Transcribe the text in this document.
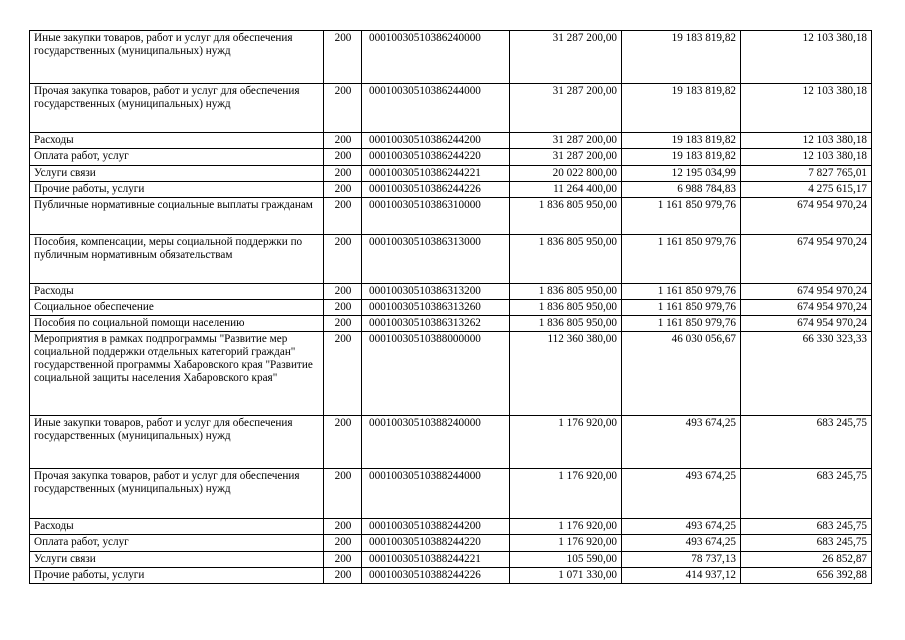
Иные закупки товаров, работ и услуг для обеспечения государственных (муниципальных) нужд	200	00010030510386240000	31 287 200,00	19 183 819,82	12 103 380,18
Прочая закупка товаров, работ и услуг для обеспечения государственных (муниципальных) нужд	200	00010030510386244000	31 287 200,00	19 183 819,82	12 103 380,18
Расходы	200	00010030510386244200	31 287 200,00	19 183 819,82	12 103 380,18
Оплата работ, услуг	200	00010030510386244220	31 287 200,00	19 183 819,82	12 103 380,18
Услуги связи	200	00010030510386244221	20 022 800,00	12 195 034,99	7 827 765,01
Прочие работы, услуги	200	00010030510386244226	11 264 400,00	6 988 784,83	4 275 615,17
Публичные нормативные социальные выплаты гражданам	200	00010030510386310000	1 836 805 950,00	1 161 850 979,76	674 954 970,24
Пособия, компенсации, меры социальной поддержки по публичным нормативным обязательствам	200	00010030510386313000	1 836 805 950,00	1 161 850 979,76	674 954 970,24
Расходы	200	00010030510386313200	1 836 805 950,00	1 161 850 979,76	674 954 970,24
Социальное обеспечение	200	00010030510386313260	1 836 805 950,00	1 161 850 979,76	674 954 970,24
Пособия по социальной помощи населению	200	00010030510386313262	1 836 805 950,00	1 161 850 979,76	674 954 970,24
Мероприятия в рамках подпрограммы "Развитие мер социальной поддержки отдельных категорий граждан" государственной программы Хабаровского края "Развитие социальной защиты населения Хабаровского края"	200	00010030510388000000	112 360 380,00	46 030 056,67	66 330 323,33
Иные закупки товаров, работ и услуг для обеспечения государственных (муниципальных) нужд	200	00010030510388240000	1 176 920,00	493 674,25	683 245,75
Прочая закупка товаров, работ и услуг для обеспечения государственных (муниципальных) нужд	200	00010030510388244000	1 176 920,00	493 674,25	683 245,75
Расходы	200	00010030510388244200	1 176 920,00	493 674,25	683 245,75
Оплата работ, услуг	200	00010030510388244220	1 176 920,00	493 674,25	683 245,75
Услуги связи	200	00010030510388244221	105 590,00	78 737,13	26 852,87
Прочие работы, услуги	200	00010030510388244226	1 071 330,00	414 937,12	656 392,88
